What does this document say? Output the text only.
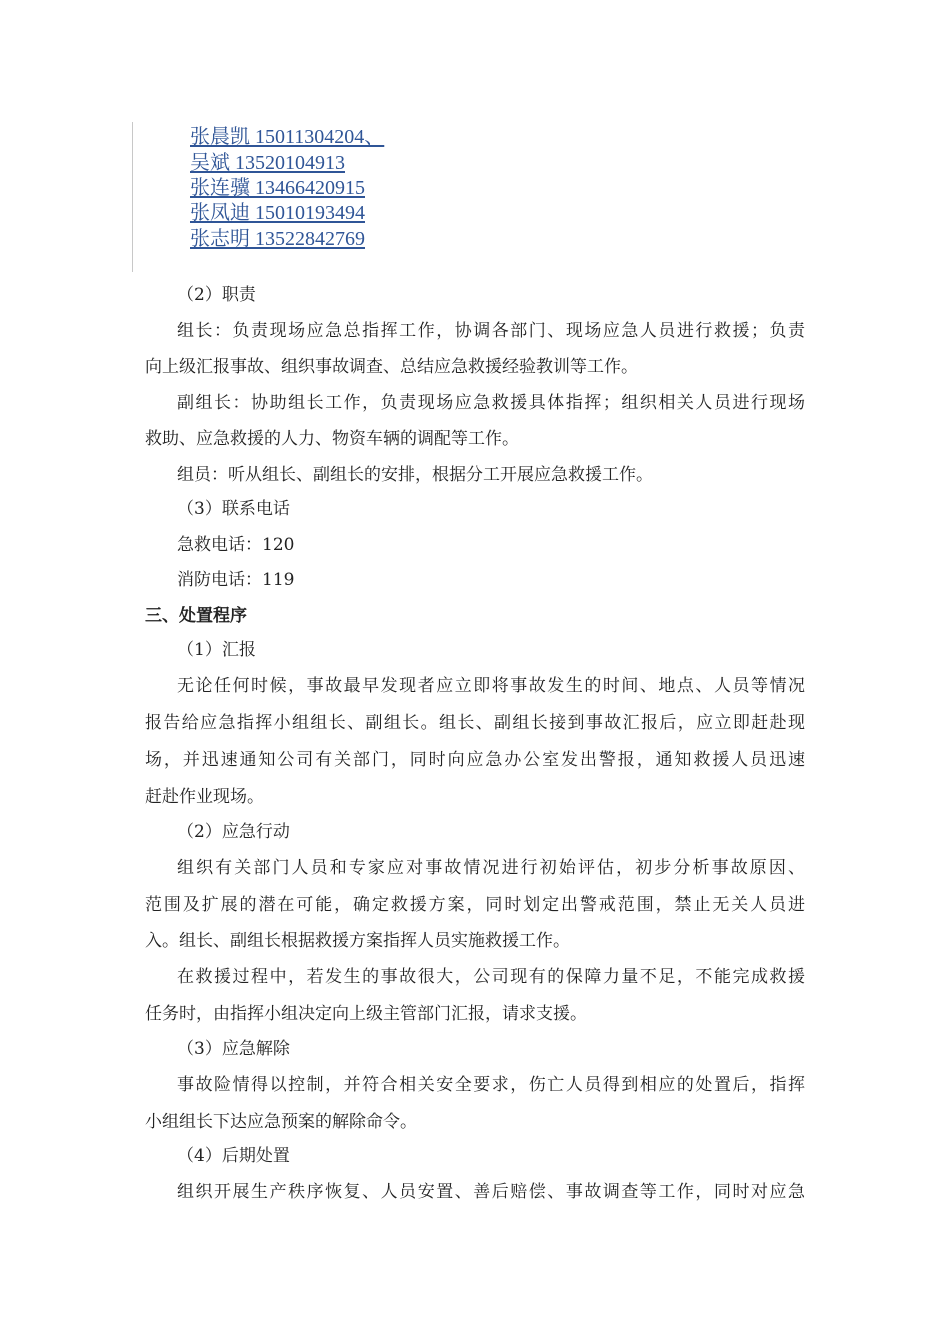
张晨凯 15011304204、
吴斌 13520104913
张连骥 13466420915
张凤迪 15010193494
张志明 13522842769
（2）职责
组长：负责现场应急总指挥工作，协调各部门、现场应急人员进行救援；负责
向上级汇报事故、组织事故调查、总结应急救援经验教训等工作。
副组长：协助组长工作，负责现场应急救援具体指挥；组织相关人员进行现场
救助、应急救援的人力、物资车辆的调配等工作。
组员：听从组长、副组长的安排，根据分工开展应急救援工作。
（3）联系电话
急救电话：120
消防电话：119
三、处置程序
（1）汇报
无论任何时候，事故最早发现者应立即将事故发生的时间、地点、人员等情况
报告给应急指挥小组组长、副组长。组长、副组长接到事故汇报后，应立即赶赴现
场，并迅速通知公司有关部门，同时向应急办公室发出警报，通知救援人员迅速
赶赴作业现场。
（2）应急行动
组织有关部门人员和专家应对事故情况进行初始评估，初步分析事故原因、
范围及扩展的潜在可能，确定救援方案，同时划定出警戒范围，禁止无关人员进
入。组长、副组长根据救援方案指挥人员实施救援工作。
在救援过程中，若发生的事故很大，公司现有的保障力量不足，不能完成救援
任务时，由指挥小组决定向上级主管部门汇报，请求支援。
（3）应急解除
事故险情得以控制，并符合相关安全要求，伤亡人员得到相应的处置后，指挥
小组组长下达应急预案的解除命令。
（4）后期处置
组织开展生产秩序恢复、人员安置、善后赔偿、事故调查等工作，同时对应急
